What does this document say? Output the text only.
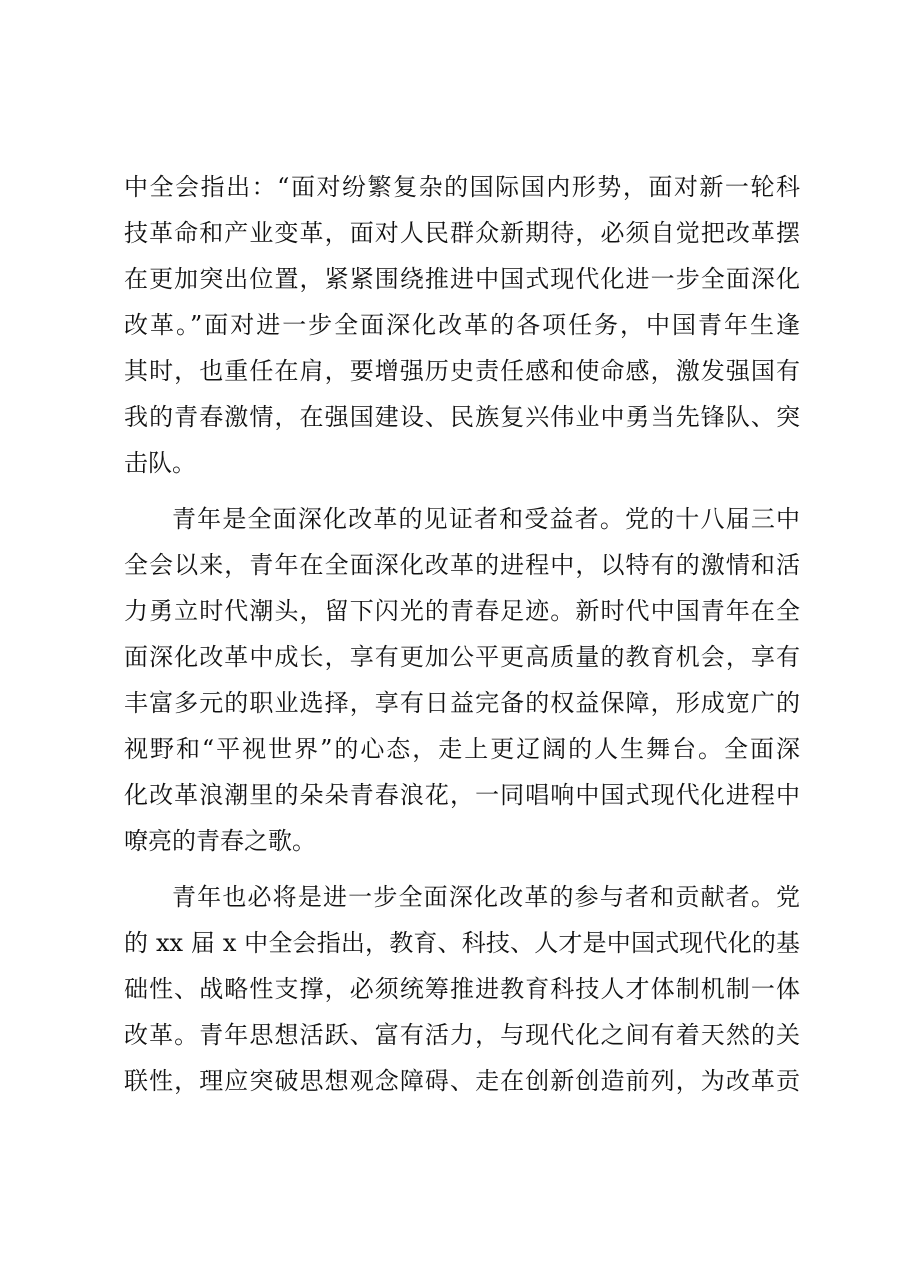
中全会指出：“面对纷繁复杂的国际国内形势，面对新一轮科
技革命和产业变革，面对人民群众新期待，必须自觉把改革摆
在更加突出位置，紧紧围绕推进中国式现代化进一步全面深化
改革。”面对进一步全面深化改革的各项任务，中国青年生逢
其时，也重任在肩，要增强历史责任感和使命感，激发强国有
我的青春激情，在强国建设、民族复兴伟业中勇当先锋队、突
击队。
青年是全面深化改革的见证者和受益者。党的十八届三中
全会以来，青年在全面深化改革的进程中，以特有的激情和活
力勇立时代潮头，留下闪光的青春足迹。新时代中国青年在全
面深化改革中成长，享有更加公平更高质量的教育机会，享有
丰富多元的职业选择，享有日益完备的权益保障，形成宽广的
视野和“平视世界”的心态，走上更辽阔的人生舞台。全面深
化改革浪潮里的朵朵青春浪花，一同唱响中国式现代化进程中
嘹亮的青春之歌。
青年也必将是进一步全面深化改革的参与者和贡献者。党
的 xx 届 x 中全会指出，教育、科技、人才是中国式现代化的基
础性、战略性支撑，必须统筹推进教育科技人才体制机制一体
改革。青年思想活跃、富有活力，与现代化之间有着天然的关
联性，理应突破思想观念障碍、走在创新创造前列，为改革贡
